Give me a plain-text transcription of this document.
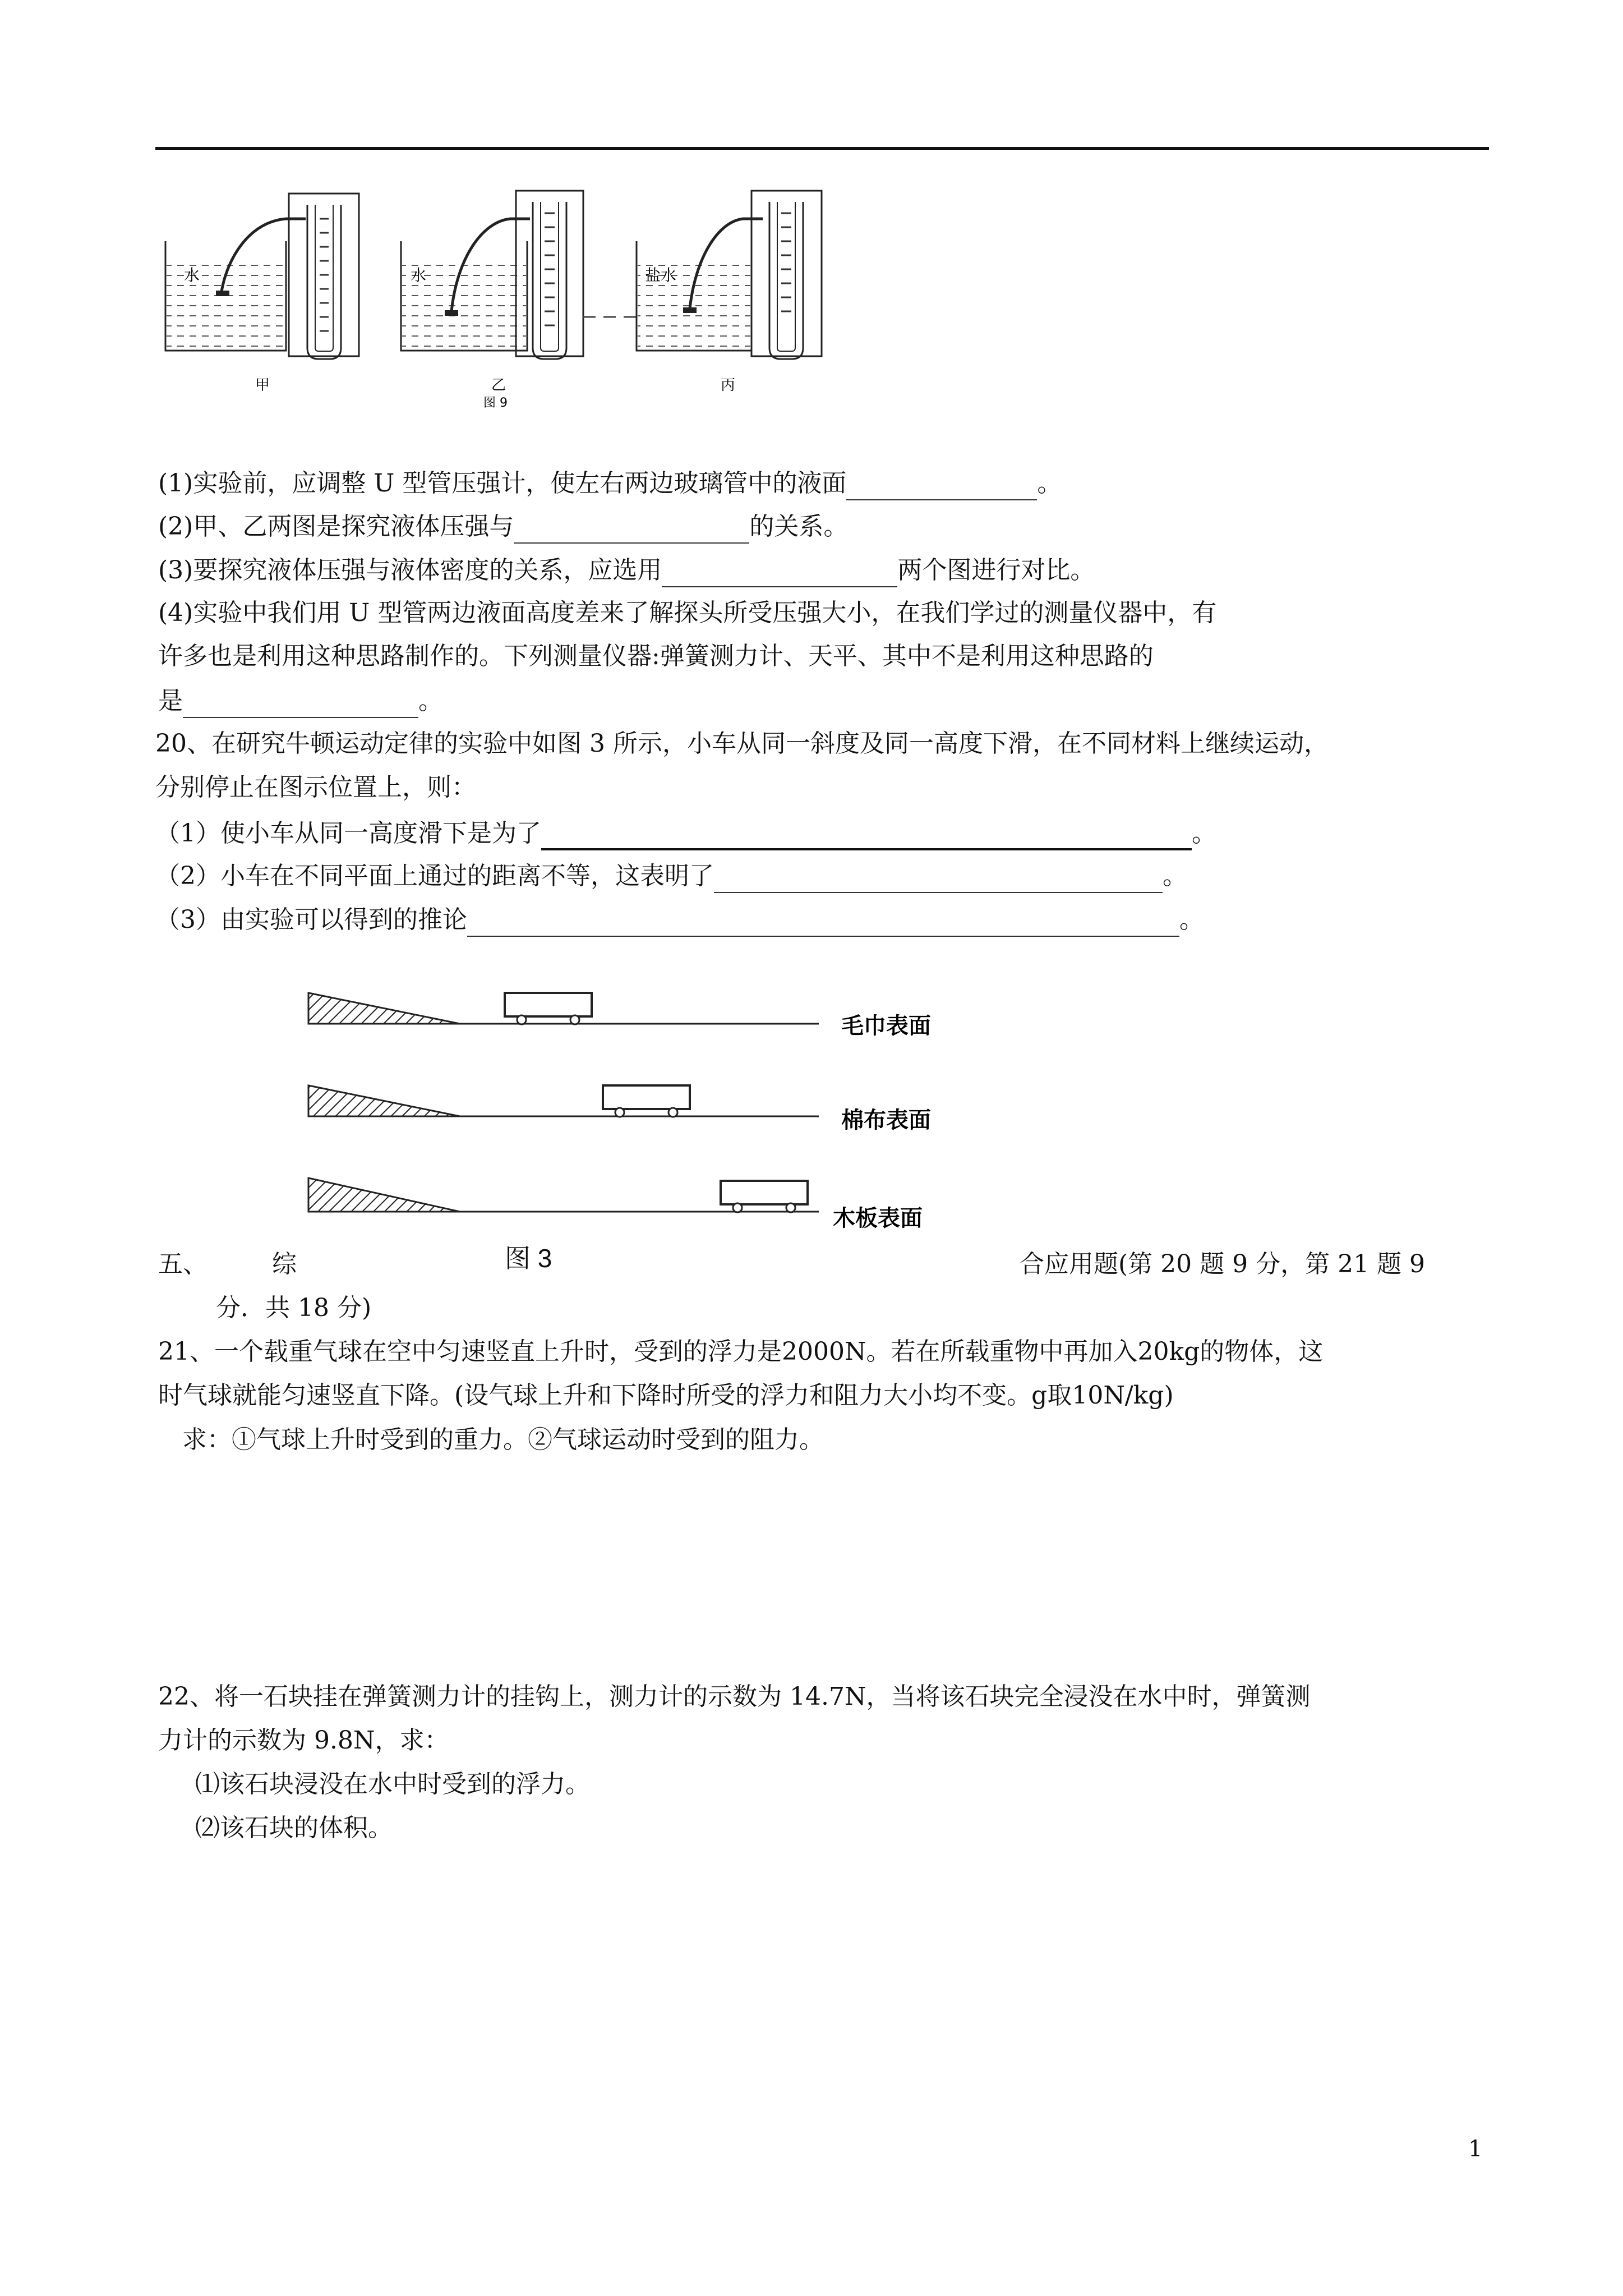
水
甲
水
乙
图 9
盐水
丙
(1)实验前，应调整 U 型管压强计，使左右两边玻璃管中的液面	。
(2)甲、乙两图是探究液体压强与	的关系。
(3)要探究液体压强与液体密度的关系，应选用	两个图进行对比。
(4)实验中我们用 U 型管两边液面高度差来了解探头所受压强大小，在我们学过的测量仪器中，有
许多也是利用这种思路制作的。下列测量仪器:弹簧测力计、天平、其中不是利用这种思路的
是	。
20、在研究牛顿运动定律的实验中如图 3 所示，小车从同一斜度及同一高度下滑，在不同材料上继续运动，
分别停止在图示位置上，则：
（1）使小车从同一高度滑下是为了	。
（2）小车在不同平面上通过的距离不等，这表明了	。
（3）由实验可以得到的推论	。
毛巾表面
棉布表面
木板表面
五、	综	图 3	合应用题(第 20 题 9 分，第 21 题 9
分．共 18 分)
21、一个载重气球在空中匀速竖直上升时，受到的浮力是2000N。若在所载重物中再加入20kg的物体，这
时气球就能匀速竖直下降。(设气球上升和下降时所受的浮力和阻力大小均不变。g取10N/kg)
求：①气球上升时受到的重力。②气球运动时受到的阻力。
22、将一石块挂在弹簧测力计的挂钩上，测力计的示数为 14.7N，当将该石块完全浸没在水中时，弹簧测
力计的示数为 9.8N，求：
⑴该石块浸没在水中时受到的浮力。
⑵该石块的体积。
1
